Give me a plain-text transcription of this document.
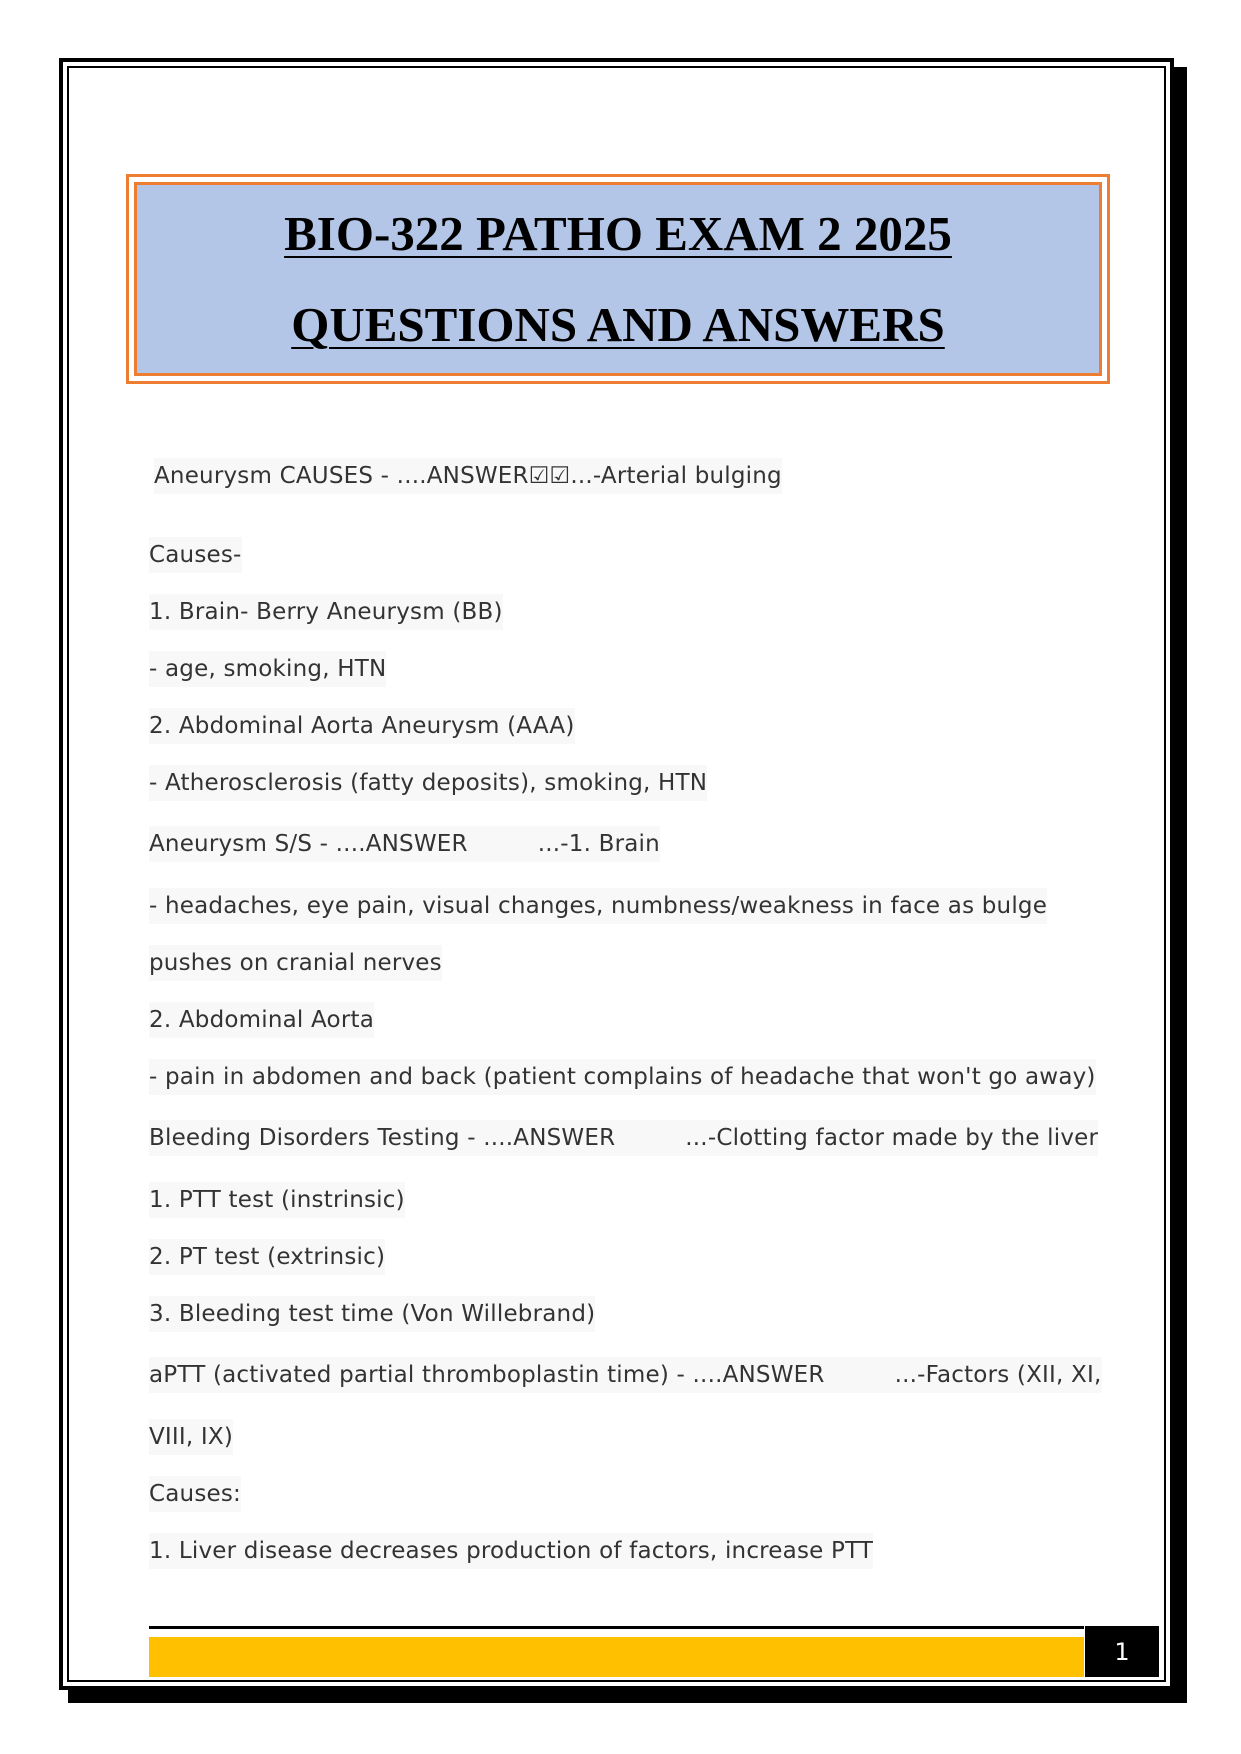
BIO-322 PATHO EXAM 2 2025
QUESTIONS AND ANSWERS
Aneurysm CAUSES - ....ANSWER☑☑...-Arterial bulging
Causes-
1. Brain- Berry Aneurysm (BB)
- age, smoking, HTN
2. Abdominal Aorta Aneurysm (AAA)
- Atherosclerosis (fatty deposits), smoking, HTN
Aneurysm S/S - ....ANSWER	...-1. Brain
- headaches, eye pain, visual changes, numbness/weakness in face as bulge
pushes on cranial nerves
2. Abdominal Aorta
- pain in abdomen and back (patient complains of headache that won't go away)
Bleeding Disorders Testing - ....ANSWER	...-Clotting factor made by the liver
1. PTT test (instrinsic)
2. PT test (extrinsic)
3. Bleeding test time (Von Willebrand)
aPTT (activated partial thromboplastin time) - ....ANSWER	...-Factors (XII, XI,
VIII, IX)
Causes:
1. Liver disease decreases production of factors, increase PTT
1
